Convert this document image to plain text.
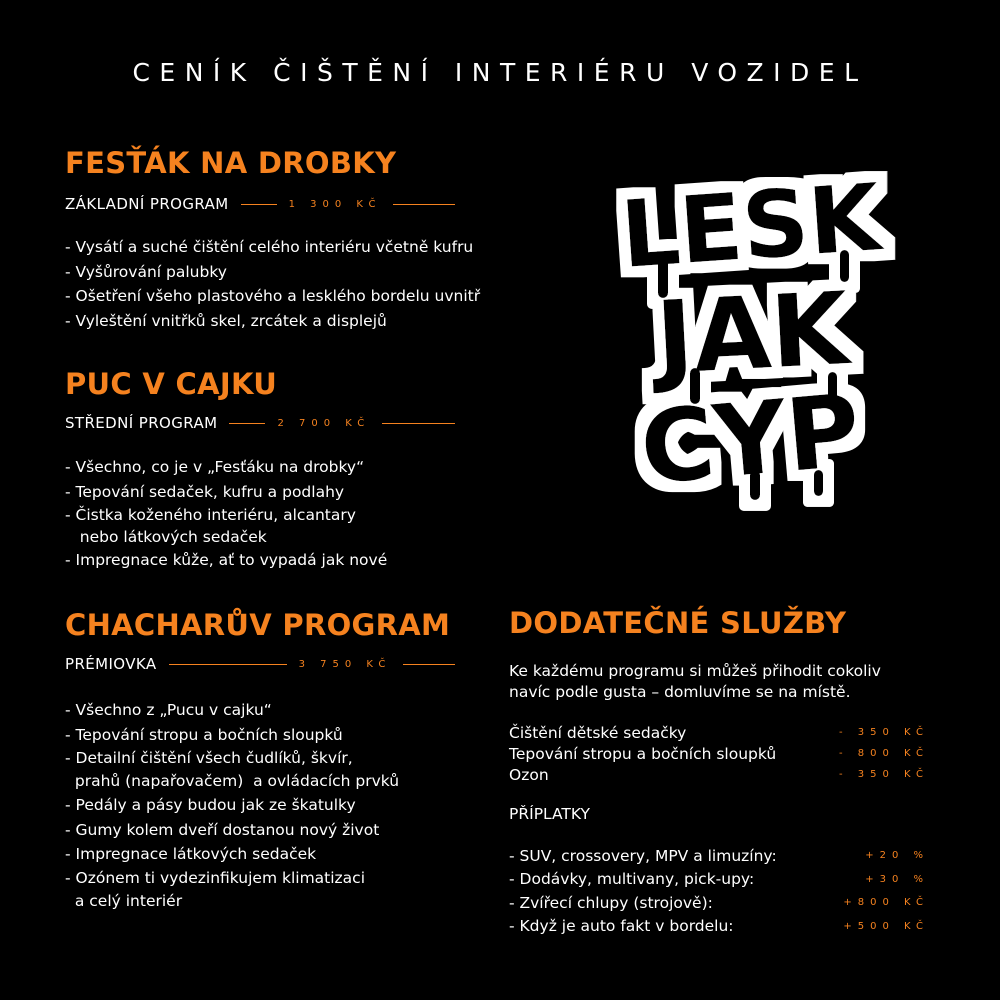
CENÍK ČIŠTĚNÍ INTERIÉRU VOZIDEL
FESŤÁK NA DROBKY
ZÁKLADNÍ PROGRAM	1 300 KČ
- Vysátí a suché čištění celého interiéru včetně kufru
- Vyšůrování palubky
- Ošetření všeho plastového a lesklého bordelu uvnitř
- Vyleštění vnitřků skel, zrcátek a displejů
PUC V CAJKU
STŘEDNÍ PROGRAM	2 700 KČ
- Všechno, co je v „Fesťáku na drobky“
- Tepování sedaček, kufru a podlahy
- Čistka koženého interiéru, alcantary
nebo látkových sedaček
- Impregnace kůže, ať to vypadá jak nové
CHACHARŮV PROGRAM
PRÉMIOVKA	3 750 KČ
- Všechno z „Pucu v cajku“
- Tepování stropu a bočních sloupků
- Detailní čištění všech čudlíků, škvír,
prahů (napařovačem)  a ovládacích prvků
- Pedály a pásy budou jak ze škatulky
- Gumy kolem dveří dostanou nový život
- Impregnace látkových sedaček
- Ozónem ti vydezinfikujem klimatizaci
a celý interiér
LESK
JAK
CYP
DODATEČNÉ SLUŽBY
Ke každému programu si můžeš přihodit cokoliv
navíc podle gusta – domluvíme se na místě.
Čištění dětské sedačky	- 350 KČ
Tepování stropu a bočních sloupků	- 800 KČ
Ozon	- 350 KČ
PŘÍPLATKY
- SUV, crossovery, MPV a limuzíny:	+20 %
- Dodávky, multivany, pick-upy:	+30 %
- Zvířecí chlupy (strojově):	+800 KČ
- Když je auto fakt v bordelu:	+500 KČ
